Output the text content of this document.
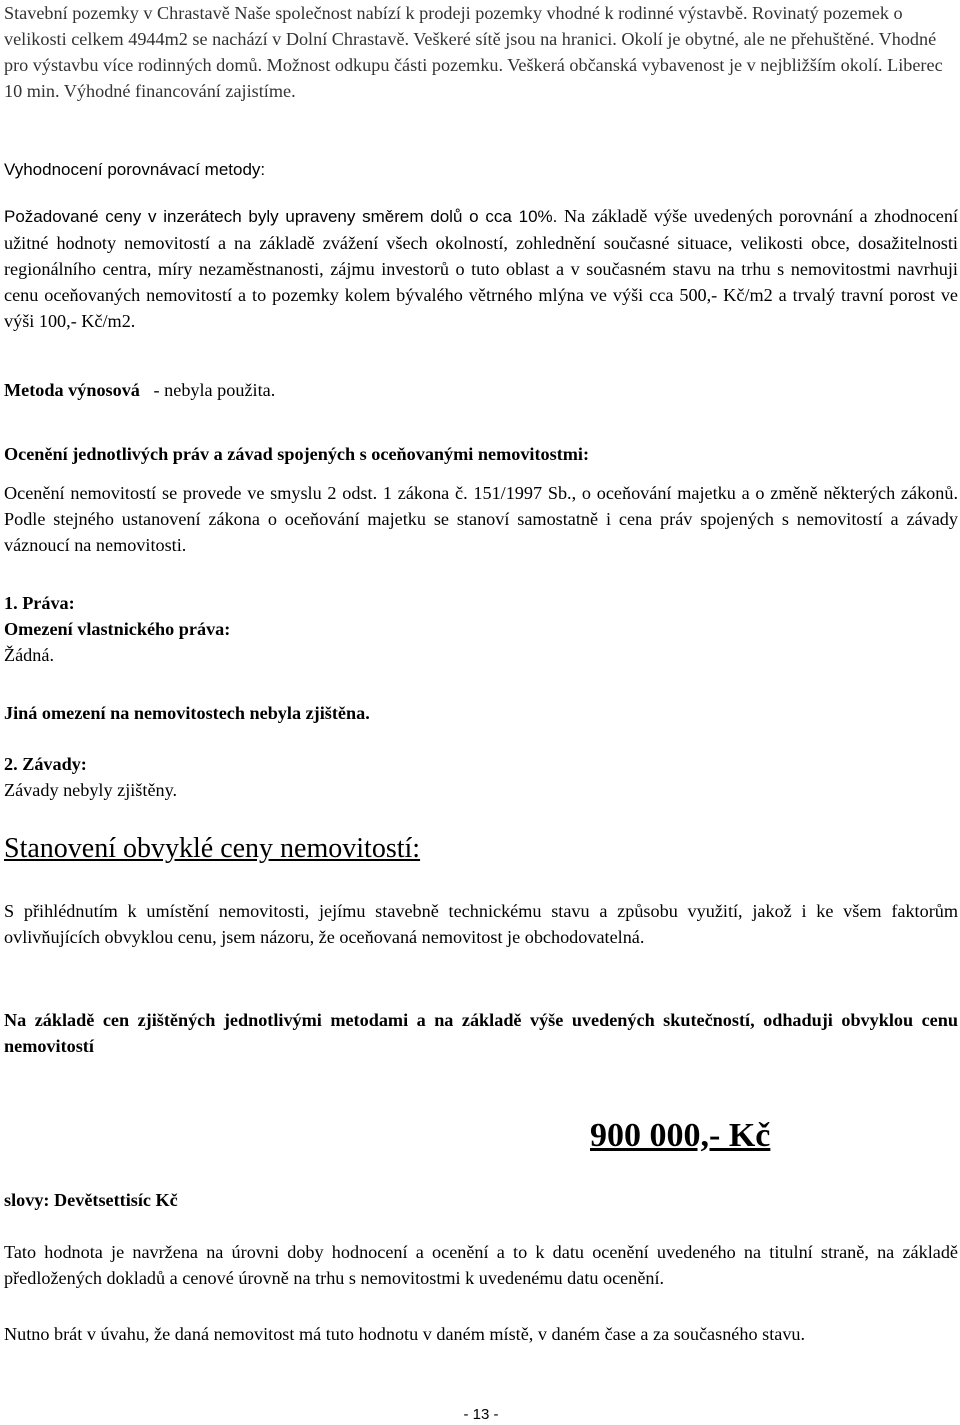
Stavební pozemky v Chrastavě Naše společnost nabízí k prodeji pozemky vhodné k rodinné výstavbě. Rovinatý pozemek o velikosti celkem 4944m2 se nachází v Dolní Chrastavě. Veškeré sítě jsou na hranici. Okolí je obytné, ale ne přehuštěné. Vhodné pro výstavbu více rodinných domů. Možnost odkupu části pozemku. Veškerá občanská vybavenost je v nejbližším okolí. Liberec 10 min. Výhodné financování zajistíme.

Vyhodnocení porovnávací metody:

Požadované ceny v inzerátech byly upraveny směrem dolů o cca 10%. Na základě výše uvedených porovnání a zhodnocení užitné hodnoty nemovitostí a na základě zvážení všech okolností, zohlednění současné situace, velikosti obce, dosažitelnosti regionálního centra, míry nezaměstnanosti, zájmu investorů o tuto oblast a v současném stavu na trhu s nemovitostmi navrhuji cenu oceňovaných nemovitostí a to pozemky kolem bývalého větrného mlýna ve výši cca 500,- Kč/m2 a trvalý travní porost ve výši 100,- Kč/m2.

Metoda výnosová - nebyla použita.

Ocenění jednotlivých práv a závad spojených s oceňovanými nemovitostmi:

Ocenění nemovitostí se provede ve smyslu 2 odst. 1 zákona č. 151/1997 Sb., o oceňování majetku a o změně některých zákonů. Podle stejného ustanovení zákona o oceňování majetku se stanoví samostatně i cena práv spojených s nemovitostí a závady váznoucí na nemovitosti.

1. Práva:

Omezení vlastnického práva:

Žádná.

Jiná omezení na nemovitostech nebyla zjištěna.

2. Závady:

Závady nebyly zjištěny.

Stanovení obvyklé ceny nemovitostí:

S přihlédnutím k umístění nemovitosti, jejímu stavebně technickému stavu a způsobu využití, jakož i ke všem faktorům ovlivňujících obvyklou cenu, jsem názoru, že oceňovaná nemovitost je obchodovatelná.

Na základě cen zjištěných jednotlivými metodami a na základě výše uvedených skutečností, odhaduji obvyklou cenu nemovitostí

900 000,- Kč

slovy: Devětsettisíc Kč

Tato hodnota je navržena na úrovni doby hodnocení a ocenění a to k datu ocenění uvedeného na titulní straně, na základě předložených dokladů a cenové úrovně na trhu s nemovitostmi k uvedenému datu ocenění.

Nutno brát v úvahu, že daná nemovitost má tuto hodnotu v daném místě, v daném čase a za současného stavu.

- 13 -
